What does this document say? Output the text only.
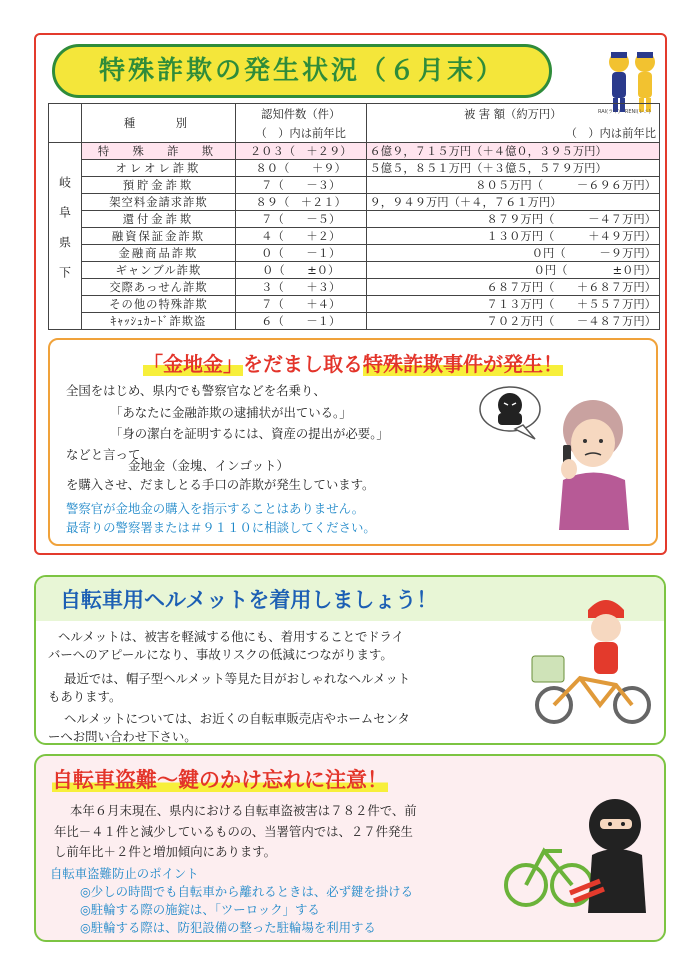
特殊詐欺の発生状況（６月末）
RAI(ライ)　RENI(レニ)
	種　　別	認知件数（件）	被 害 額（約万円）
		（　）内は前年比	（　）内は前年比
岐阜県下	特　殊　詐　欺	２０３（　＋２９）	６億９，７１５万円（＋４億０，３９５万円）
	オレオレ詐欺	８０（　　＋９）	５億５，８５１万円（＋３億５，５７９万円）
	預貯金詐欺	７（　　－３）	８０５万円（　　　－６９６万円）
	架空料金請求詐欺	８９（　＋２１）	９，９４９万円（＋４，７６１万円）
	還付金詐欺	７（　　－５）	８７９万円（　　　－４７万円）
	融資保証金詐欺	４（　　＋２）	１３０万円（　　　＋４９万円）
	金融商品詐欺	０（　　－１）	０円（　　　－９万円）
	ギャンブル詐欺	０（　　±０）	０円（　　　　±０円）
	交際あっせん詐欺	３（　　＋３）	６８７万円（　　＋６８７万円）
	その他の特殊詐欺	７（　　＋４）	７１３万円（　　＋５５７万円）
	ｷｬｯｼｭｶｰﾄﾞ詐欺盗	６（　　－１）	７０２万円（　　－４８７万円）
「金地金」をだまし取る特殊詐欺事件が発生！
全国をはじめ、県内でも警察官などを名乗り、
「あなたに金融詐欺の逮捕状が出ている。」
「身の潔白を証明するには、資産の提出が必要。」
などと言って、
金地金（金塊、インゴット）
を購入させ、だましとる手口の詐欺が発生しています。
警察官が金地金の購入を指示することはありません。
最寄りの警察署または＃９１１０に相談してください。
自転車用ヘルメットを着用しましょう！
ヘルメットは、被害を軽減する他にも、着用することでドライ
バーへのアピールになり、事故リスクの低減につながります。
最近では、帽子型ヘルメット等見た目がおしゃれなヘルメット
もあります。
ヘルメットについては、お近くの自転車販売店やホームセンタ
ーへお問い合わせ下さい。
自転車盗難～鍵のかけ忘れに注意！
本年６月末現在、県内における自転車盗被害は７８２件で、前
年比－４１件と減少しているものの、当署管内では、２７件発生
し前年比＋２件と増加傾向にあります。
自転車盗難防止のポイント
◎少しの時間でも自転車から離れるときは、必ず鍵を掛ける
◎駐輪する際の施錠は、「ツーロック」する
◎駐輪する際は、防犯設備の整った駐輪場を利用する
